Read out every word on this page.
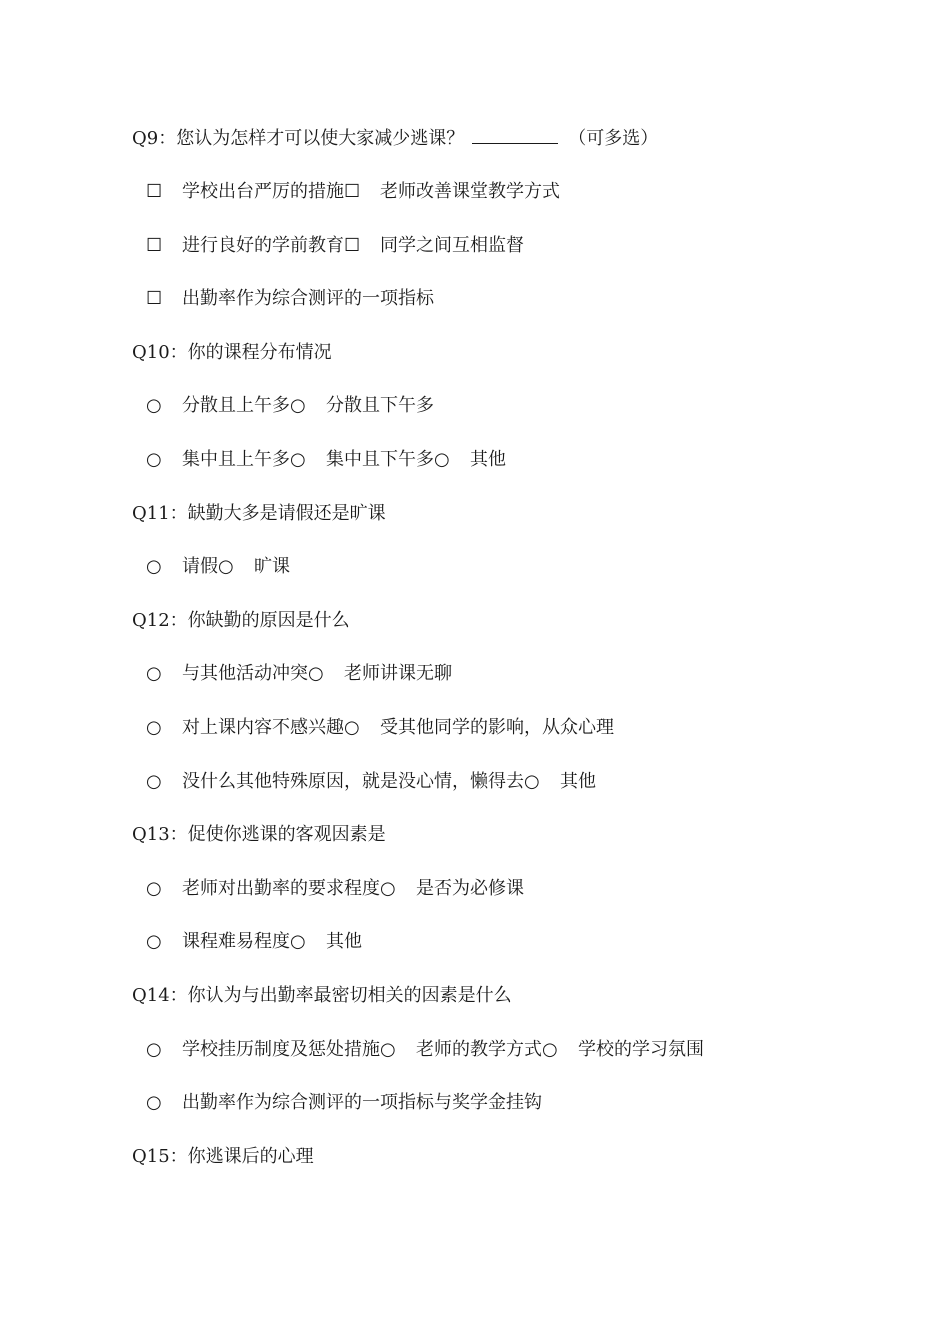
Q9：您认为怎样才可以使大家减少逃课？	（可多选）
☐ 学校出台严厉的措施☐ 老师改善课堂教学方式
☐ 进行良好的学前教育☐ 同学之间互相监督
☐ 出勤率作为综合测评的一项指标
Q10：你的课程分布情况
○ 分散且上午多○ 分散且下午多
○ 集中且上午多○ 集中且下午多○ 其他
Q11：缺勤大多是请假还是旷课
○ 请假○ 旷课
Q12：你缺勤的原因是什么
○ 与其他活动冲突○ 老师讲课无聊
○ 对上课内容不感兴趣○ 受其他同学的影响，从众心理
○ 没什么其他特殊原因，就是没心情，懒得去○ 其他
Q13：促使你逃课的客观因素是
○ 老师对出勤率的要求程度○ 是否为必修课
○ 课程难易程度○ 其他
Q14：你认为与出勤率最密切相关的因素是什么
○ 学校挂历制度及惩处措施○ 老师的教学方式○ 学校的学习氛围
○ 出勤率作为综合测评的一项指标与奖学金挂钩
Q15：你逃课后的心理
